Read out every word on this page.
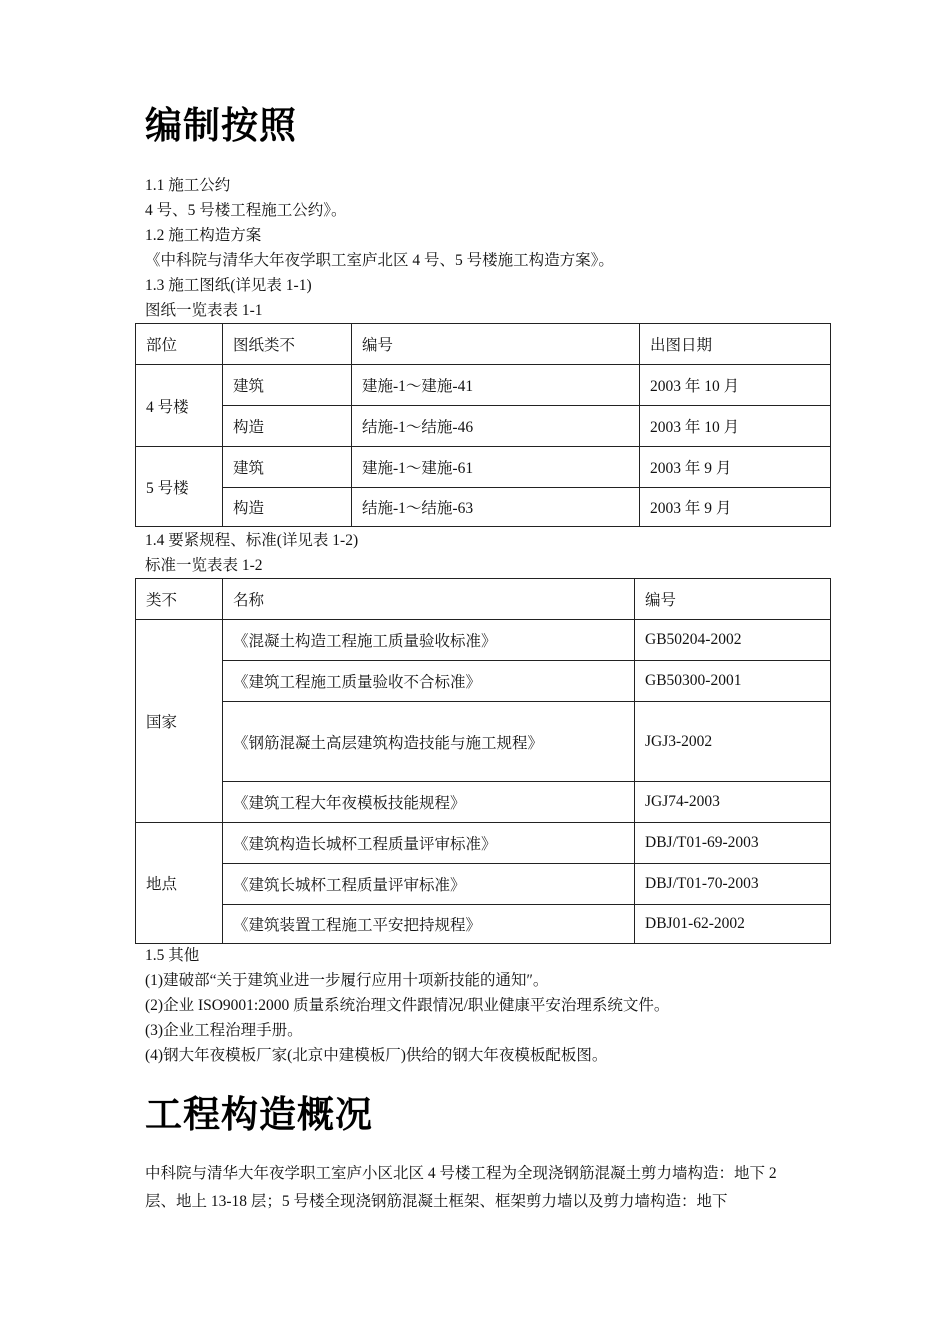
编制按照
1.1 施工公约
4 号、5 号楼工程施工公约》。
1.2 施工构造方案
《中科院与清华大年夜学职工室庐北区 4 号、5 号楼施工构造方案》。
1.3 施工图纸(详见表 1-1)
图纸一览表表 1-1
部位	图纸类不	编号	出图日期
4 号楼	建筑	建施-1～建施-41	2003 年 10 月
	构造	结施-1～结施-46	2003 年 10 月
5 号楼	建筑	建施-1～建施-61	2003 年 9 月
	构造	结施-1～结施-63	2003 年 9 月
1.4 要紧规程、标准(详见表 1-2)
标准一览表表 1-2
类不	名称	编号
国家	《混凝土构造工程施工质量验收标准》	GB50204-2002
	《建筑工程施工质量验收不合标准》	GB50300-2001
	《钢筋混凝土高层建筑构造技能与施工规程》	JGJ3-2002
	《建筑工程大年夜模板技能规程》	JGJ74-2003
地点	《建筑构造长城杯工程质量评审标准》	DBJ/T01-69-2003
	《建筑长城杯工程质量评审标准》	DBJ/T01-70-2003
	《建筑装置工程施工平安把持规程》	DBJ01-62-2002
1.5 其他
(1)建破部“关于建筑业进一步履行应用十项新技能的通知″。
(2)企业 ISO9001:2000 质量系统治理文件跟情况/职业健康平安治理系统文件。
(3)企业工程治理手册。
(4)钢大年夜模板厂家(北京中建模板厂)供给的钢大年夜模板配板图。
工程构造概况
中科院与清华大年夜学职工室庐小区北区 4 号楼工程为全现浇钢筋混凝土剪力墙构造：地下 2 层、地上 13-18 层；5 号楼全现浇钢筋混凝土框架、框架剪力墙以及剪力墙构造：地下
